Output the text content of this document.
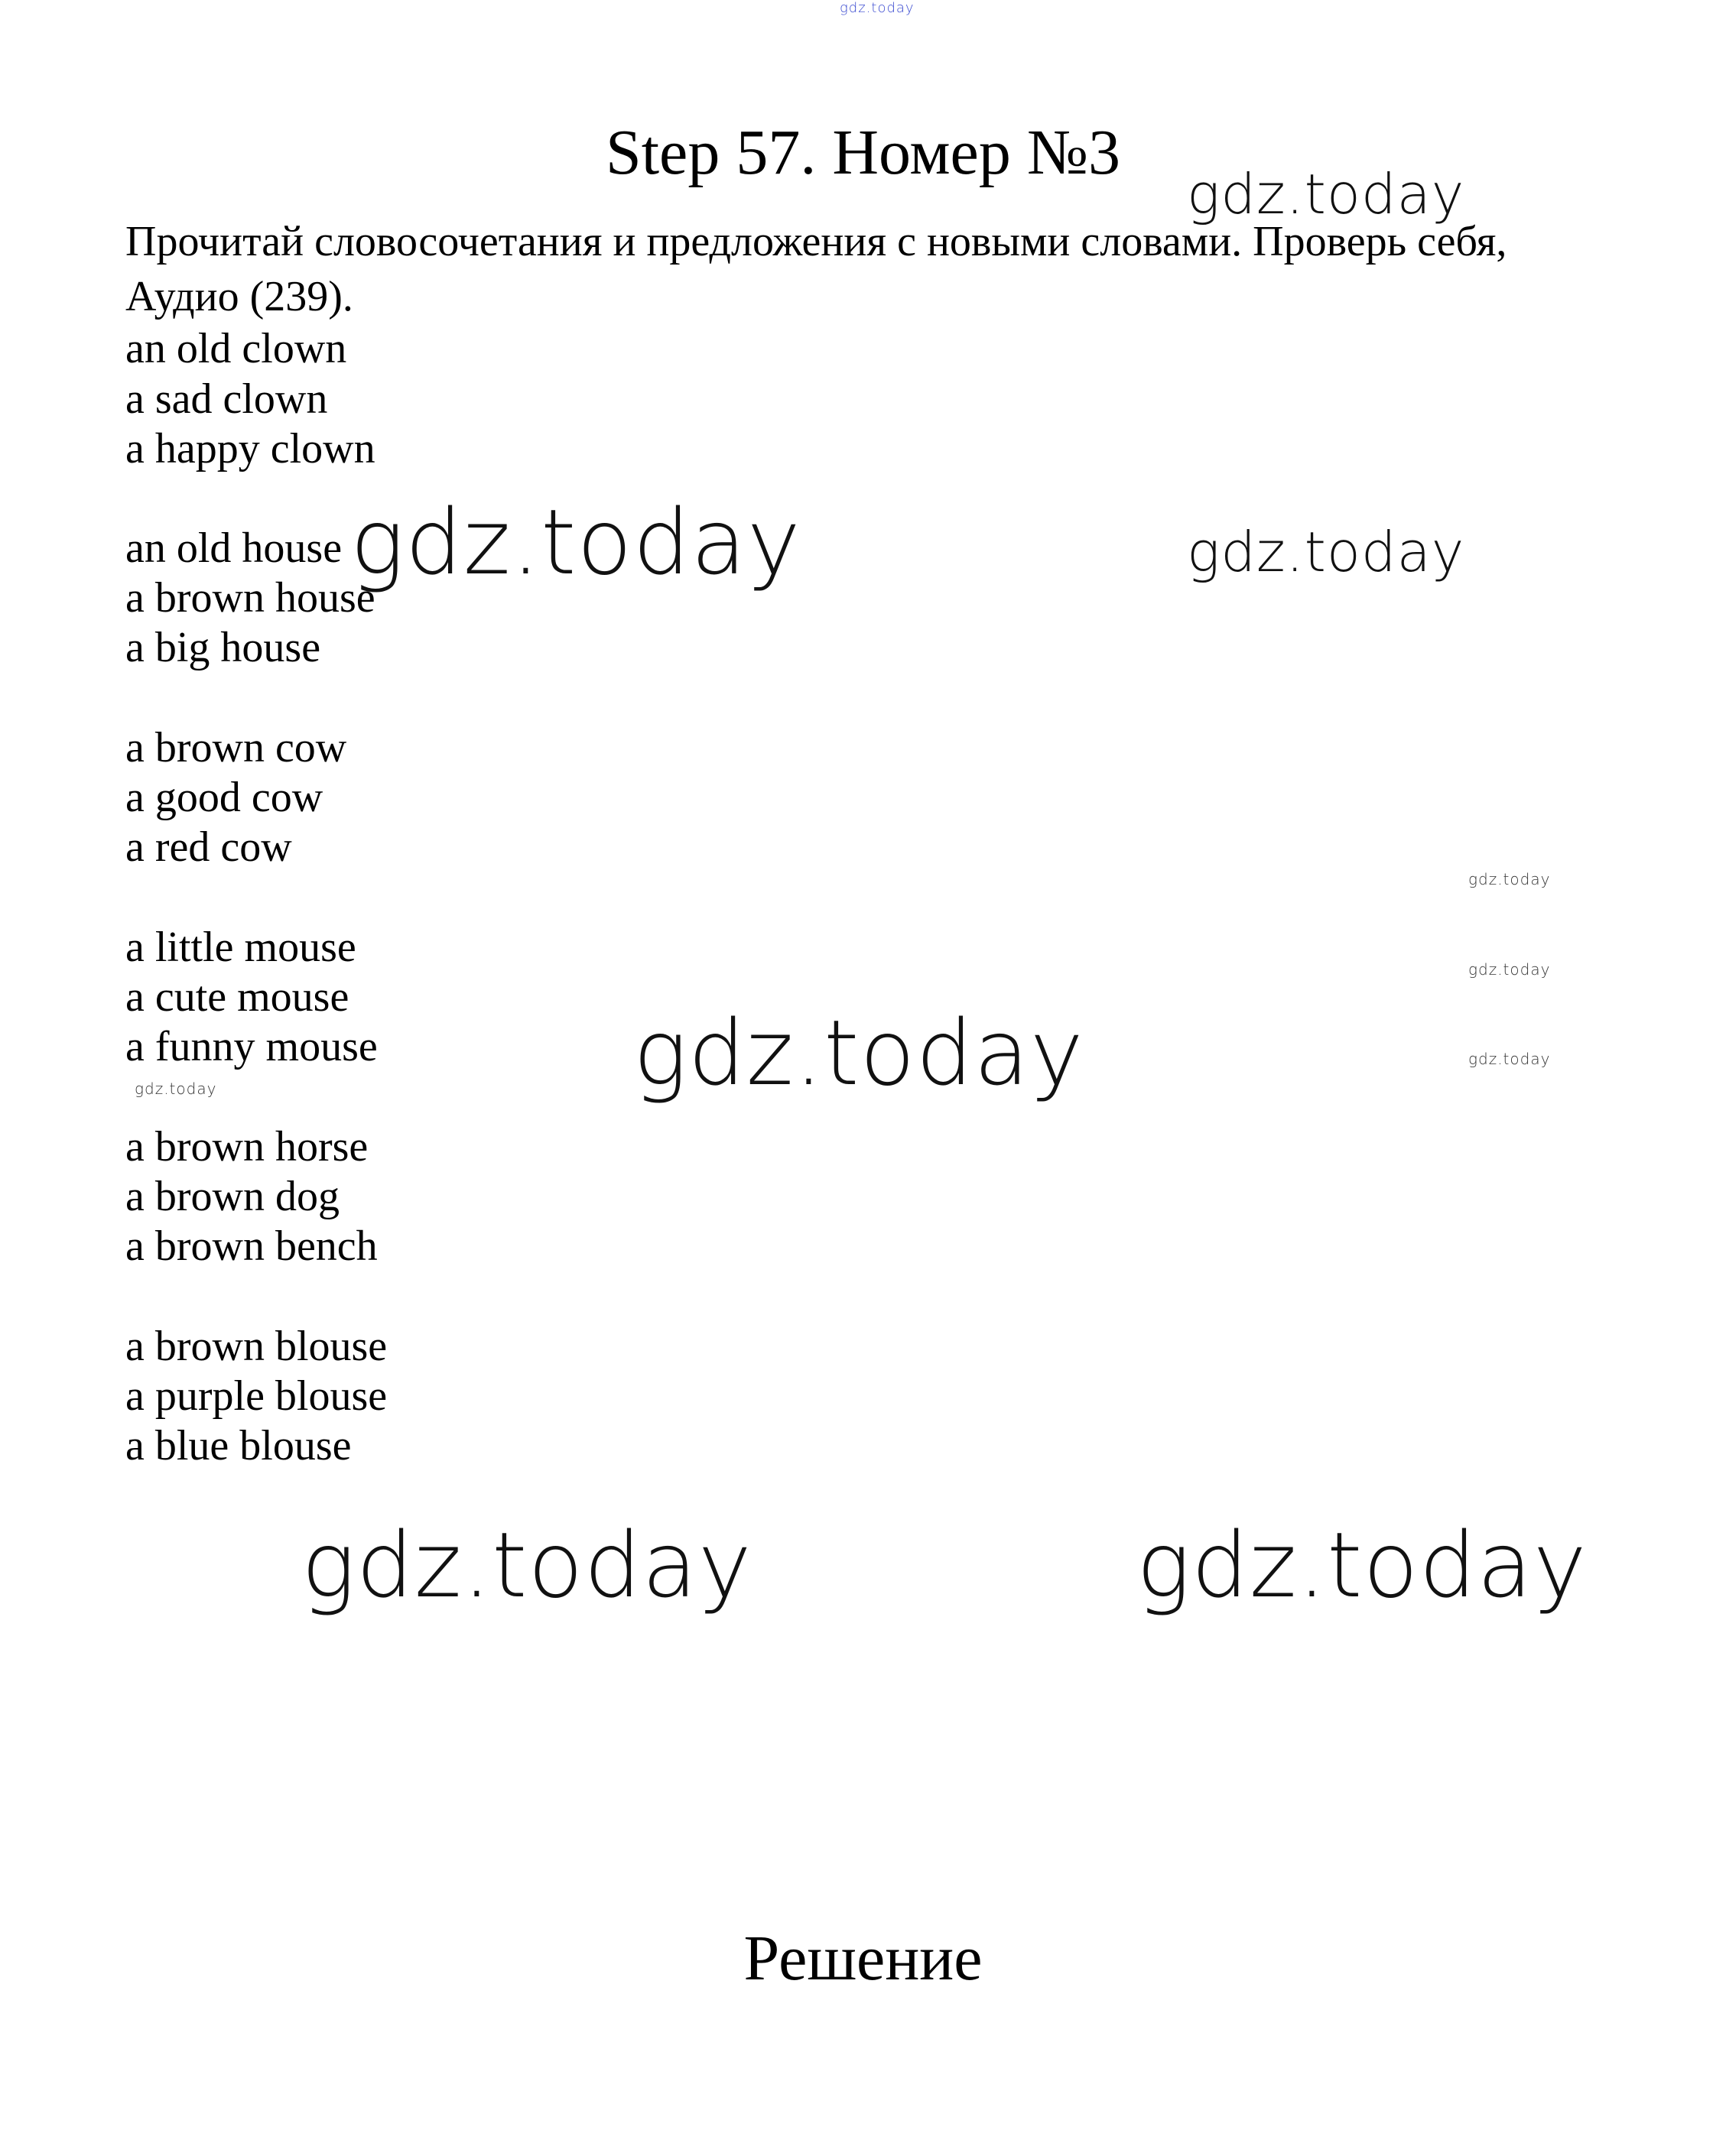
gdz.today
Step 57. Номер №3
gdz.today
Прочитай словосочетания и предложения с новыми словами. Проверь себя, Аудио (239).
an old clown
a sad clown
a happy clown
an old house
a brown house
a big house
a brown cow
a good cow
a red cow
a little mouse
a cute mouse
a funny mouse
a brown horse
a brown dog
a brown bench
a brown blouse
a purple blouse
a blue blouse
gdz.today	gdz.today
gdz.today
gdz.today
gdz.today
gdz.today
gdz.today
gdz.today	gdz.today
Решение
